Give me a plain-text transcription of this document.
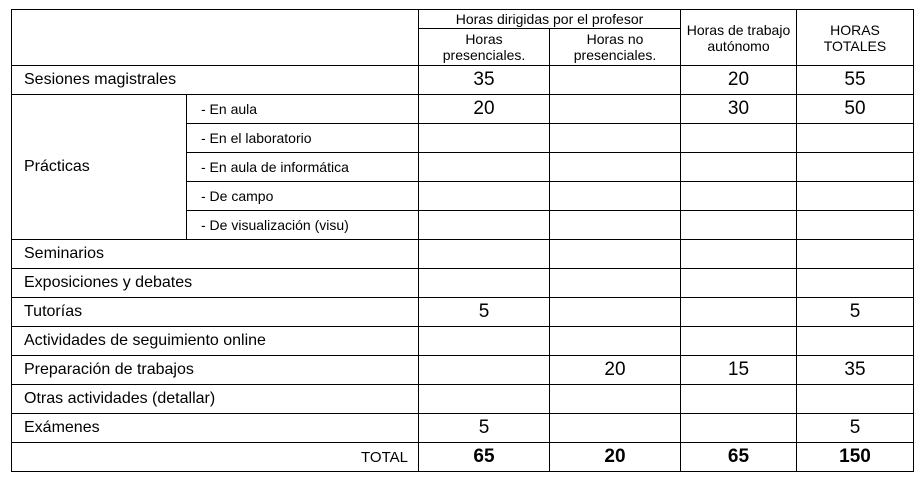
		Horas dirigidas por el profesor		Horas de trabajo autónomo	HORAS TOTALES
		Horas presenciales.	Horas no presenciales.		
Sesiones magistrales		35		20	55
Prácticas	- En aula	20		30	50
	- En el laboratorio				
	- En aula de informática				
	- De campo				
	- De visualización (visu)				
Seminarios					
Exposiciones y debates					
Tutorías		5			5
Actividades de seguimiento online					
Preparación de trabajos			20	15	35
Otras actividades (detallar)					
Exámenes		5			5
TOTAL		65	20	65	150
